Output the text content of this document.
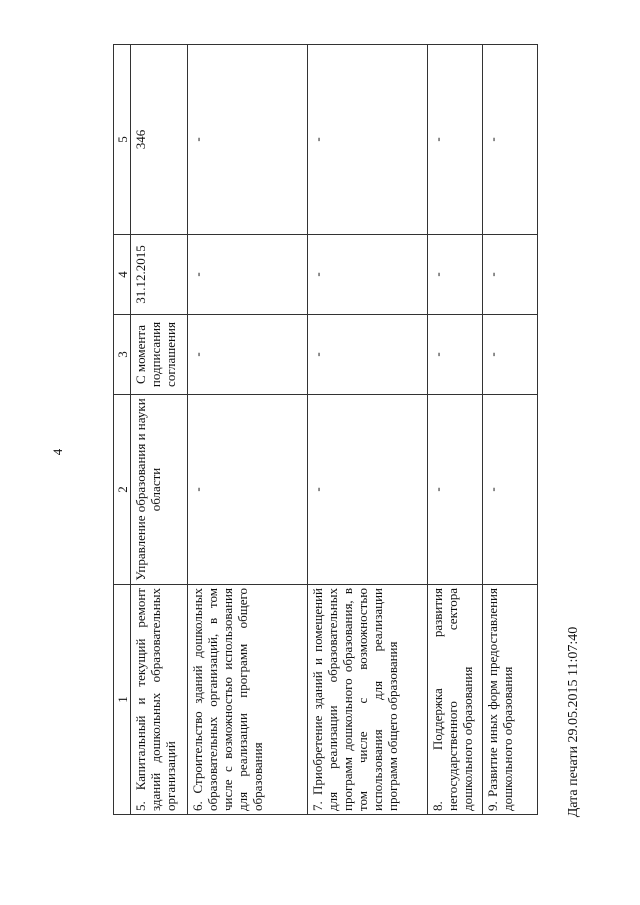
4
1	2	3	4	5
5. Капитальный и текущий ремонт зданий дошкольных образовательных организаций	Управление образования и науки области	С момента подписания соглашения	31.12.2015	346
6. Строительство зданий дошкольных образовательных организаций, в том числе с возможностью использования для реализации программ общего образования	-	-	-	-
7. Приобретение зданий и помещений для реализации образовательных программ дошкольного образования, в том числе с возможностью использования для реализации программ общего образования	-	-	-	-
8. Поддержка развития негосударственного сектора дошкольного образования	-	-	-	-
9. Развитие иных форм предоставления дошкольного образования	-	-	-	-
Дата печати 29.05.2015 11:07:40
